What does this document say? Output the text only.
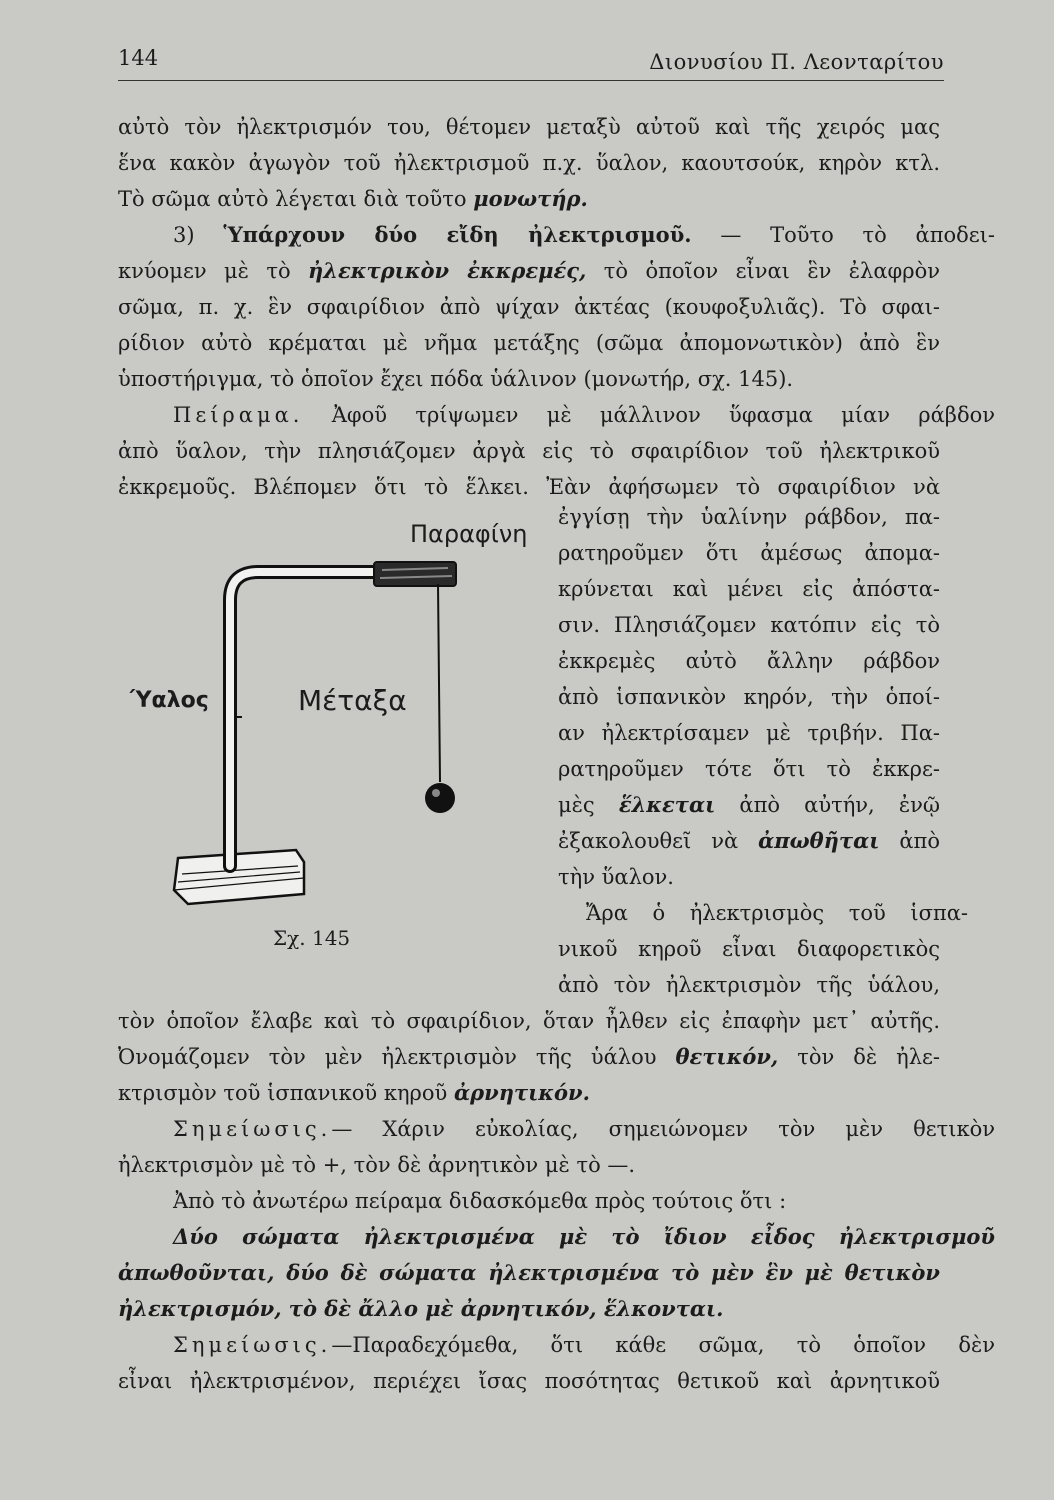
144	Διονυσίου Π. Λεονταρίτου
αὐτὸ τὸν ἠλεκτρισμόν του, θέτομεν μεταξὺ αὐτοῦ καὶ τῆς χειρός μας
ἕνα κακὸν ἀγωγὸν τοῦ ἠλεκτρισμοῦ π.χ. ὕαλον, καουτσούκ, κηρὸν κτλ.
Τὸ σῶμα αὐτὸ λέγεται διὰ τοῦτο μονωτήρ.
3) Ὑπάρχουν δύο εἴδη ἠλεκτρισμοῦ. — Τοῦτο τὸ ἀποδει-
κνύομεν μὲ τὸ ἠλεκτρικὸν ἐκκρεμές, τὸ ὁποῖον εἶναι ἓν ἐλαφρὸν
σῶμα, π. χ. ἓν σφαιρίδιον ἀπὸ ψίχαν ἀκτέας (κουφοξυλιᾶς). Τὸ σφαι-
ρίδιον αὐτὸ κρέμαται μὲ νῆμα μετάξης (σῶμα ἀπομονωτικὸν) ἀπὸ ἓν
ὑποστήριγμα, τὸ ὁποῖον ἔχει πόδα ὑάλινον (μονωτήρ, σχ. 145).
Πείραμα. Ἀφοῦ τρίψωμεν μὲ μάλλινον ὕφασμα μίαν ράβδον
ἀπὸ ὕαλον, τὴν πλησιάζομεν ἀργὰ εἰς τὸ σφαιρίδιον τοῦ ἠλεκτρικοῦ
ἐκκρεμοῦς. Βλέπομεν ὅτι τὸ ἕλκει. Ἐὰν ἀφήσωμεν τὸ σφαιρίδιον νὰ
Παραφίνη
Ύαλος	Μέταξα
Σχ. 145
ἐγγίσῃ τὴν ὑαλίνην ράβδον, πα-
ρατηροῦμεν ὅτι ἀμέσως ἀπομα-
κρύνεται καὶ μένει εἰς ἀπόστα-
σιν. Πλησιάζομεν κατόπιν εἰς τὸ
ἐκκρεμὲς αὐτὸ ἄλλην ράβδον
ἀπὸ ἱσπανικὸν κηρόν, τὴν ὁποί-
αν ἠλεκτρίσαμεν μὲ τριβήν. Πα-
ρατηροῦμεν τότε ὅτι τὸ ἐκκρε-
μὲς ἕλκεται ἀπὸ αὐτήν, ἐνῷ
ἐξακολουθεῖ νὰ ἀπωθῆται ἀπὸ
τὴν ὕαλον.
Ἄρα ὁ ἠλεκτρισμὸς τοῦ ἱσπα-
νικοῦ κηροῦ εἶναι διαφορετικὸς
ἀπὸ τὸν ἠλεκτρισμὸν τῆς ὑάλου,
τὸν ὁποῖον ἔλαβε καὶ τὸ σφαιρίδιον, ὅταν ἦλθεν εἰς ἐπαφὴν μετ᾽ αὐτῆς.
Ὀνομάζομεν τὸν μὲν ἠλεκτρισμὸν τῆς ὑάλου θετικόν, τὸν δὲ ἠλε-
κτρισμὸν τοῦ ἱσπανικοῦ κηροῦ ἀρνητικόν.
Σημείωσις.— Χάριν εὐκολίας, σημειώνομεν τὸν μὲν θετικὸν
ἠλεκτρισμὸν μὲ τὸ +, τὸν δὲ ἀρνητικὸν μὲ τὸ —.
Ἀπὸ τὸ ἀνωτέρω πείραμα διδασκόμεθα πρὸς τούτοις ὅτι :
Δύο σώματα ἠλεκτρισμένα μὲ τὸ ἴδιον εἶδος ἠλεκτρισμοῦ
ἀπωθοῦνται, δύο δὲ σώματα ἠλεκτρισμένα τὸ μὲν ἓν μὲ θετικὸν
ἠλεκτρισμόν, τὸ δὲ ἄλλο μὲ ἀρνητικόν, ἕλκονται.
Σημείωσις.—Παραδεχόμεθα, ὅτι κάθε σῶμα, τὸ ὁποῖον δὲν
εἶναι ἠλεκτρισμένον, περιέχει ἴσας ποσότητας θετικοῦ καὶ ἀρνητικοῦ
